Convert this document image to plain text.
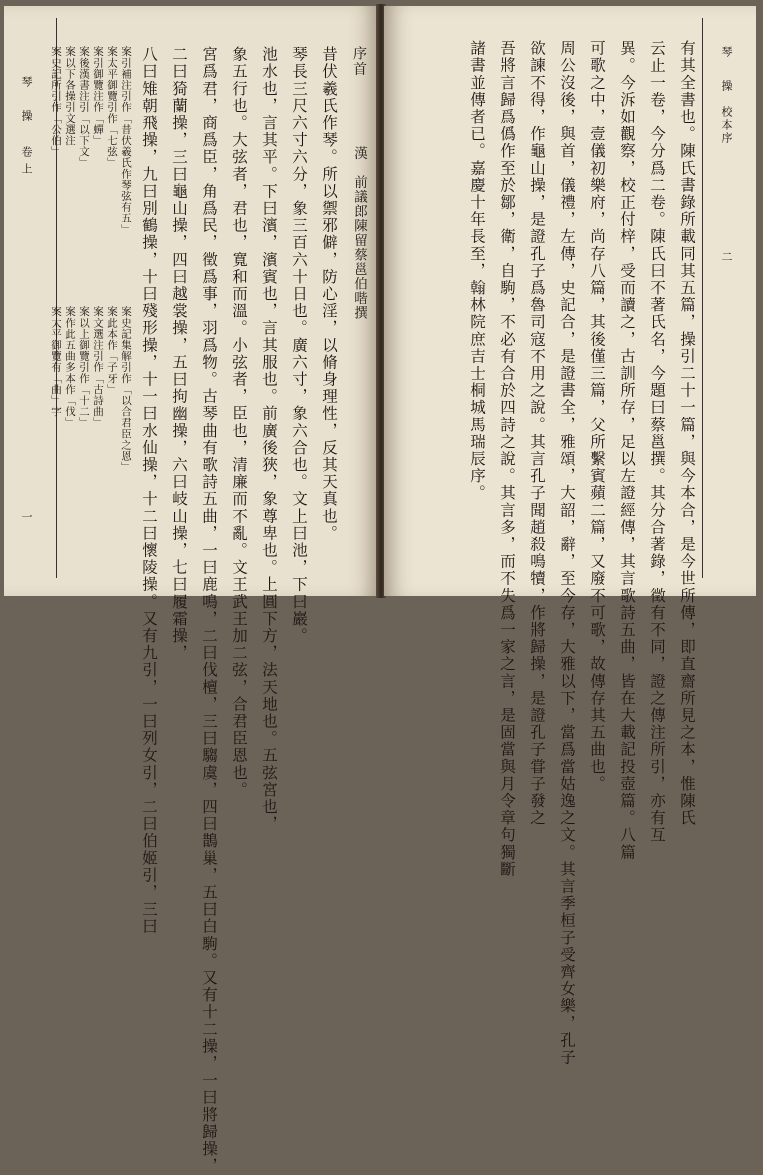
琴　操
卷上
一
序首
漢　前議郎陳留蔡邕伯喈撰
昔伏羲氏作琴。所以禦邪僻，防心淫，以脩身理性，反其天真也。
琴長三尺六寸六分，象三百六十日也。廣六寸，象六合也。文上曰池，下曰巖。
池水也，言其平。下曰濱，濱賓也，言其服也。前廣後狹，象尊卑也。上圓下方，法天地也。五弦宮也，
象五行也。大弦者，君也，寬和而溫。小弦者，臣也，清廉而不亂。文王武王加二弦，合君臣恩也。
宮爲君，商爲臣，角爲民，徵爲事，羽爲物。古琴曲有歌詩五曲，一曰鹿鳴，二曰伐檀，三曰騶虞，四曰鵲巢，五曰白駒。又有十二操，一曰將歸操，
二曰猗蘭操，三曰龜山操，四曰越裳操，五曰拘幽操，六曰岐山操，七曰履霜操，
八曰雉朝飛操，九曰別鶴操，十曰殘形操，十一曰水仙操，十二曰懷陵操。又有九引，一曰列女引，二曰伯姬引，三曰
案引補注引作「昔伏羲氏作琴弦有五」
案太平御覽引作「七弦」
案引御覽注作「蟬」
案史記集解引作「以合君臣之恩」
案此本作「子牙」
案文選注引作「古詩曲」
案後漢書注引「以下文」
案以下各操引文選注
案以上御覽引作「十二」
案作此五曲多本作「伐」
案史記所引作「公伯」
案太平御覽有「曲」字
琴　操
校本序
二
有其全書也。陳氏書錄所載同其五篇，操引二十一篇，與今本合，是今世所傳，即直齋所見之本，惟陳氏
云止一卷，今分爲二卷。陳氏曰不著氏名，今題曰蔡邕撰。其分合著錄，徵有不同，證之傳注所引，亦有互
異。今泝如觀察，校正付梓，受而讀之，古訓所存，足以左證經傳，其言歌詩五曲，皆在大載記投壺篇。八篇
可歌之中，壹儀初樂府，尚存八篇，其後僅三篇，父所繫賓蘋二篇，又廢不可歌，故傳存其五曲也。
周公沒後，與首，儀禮，左傳，史記合，是證書全，雅頌，大韶，辭，至今存，大雅以下，當爲當姑逸之文。其言季桓子受齊女樂，孔子
欲諫不得，作龜山操，是證孔子爲魯司寇不用之說。其言孔子聞趙殺鳴犢，作將歸操，是證孔子甞子發之
吾將言歸爲僞作至於鄒，衛，自駒，不必有合於四詩之說。其言多，而不失爲一家之言，是固當與月令章句獨斷
諸書並傳者已。嘉慶十年長至，翰林院庶吉士桐城馬瑞辰序。
